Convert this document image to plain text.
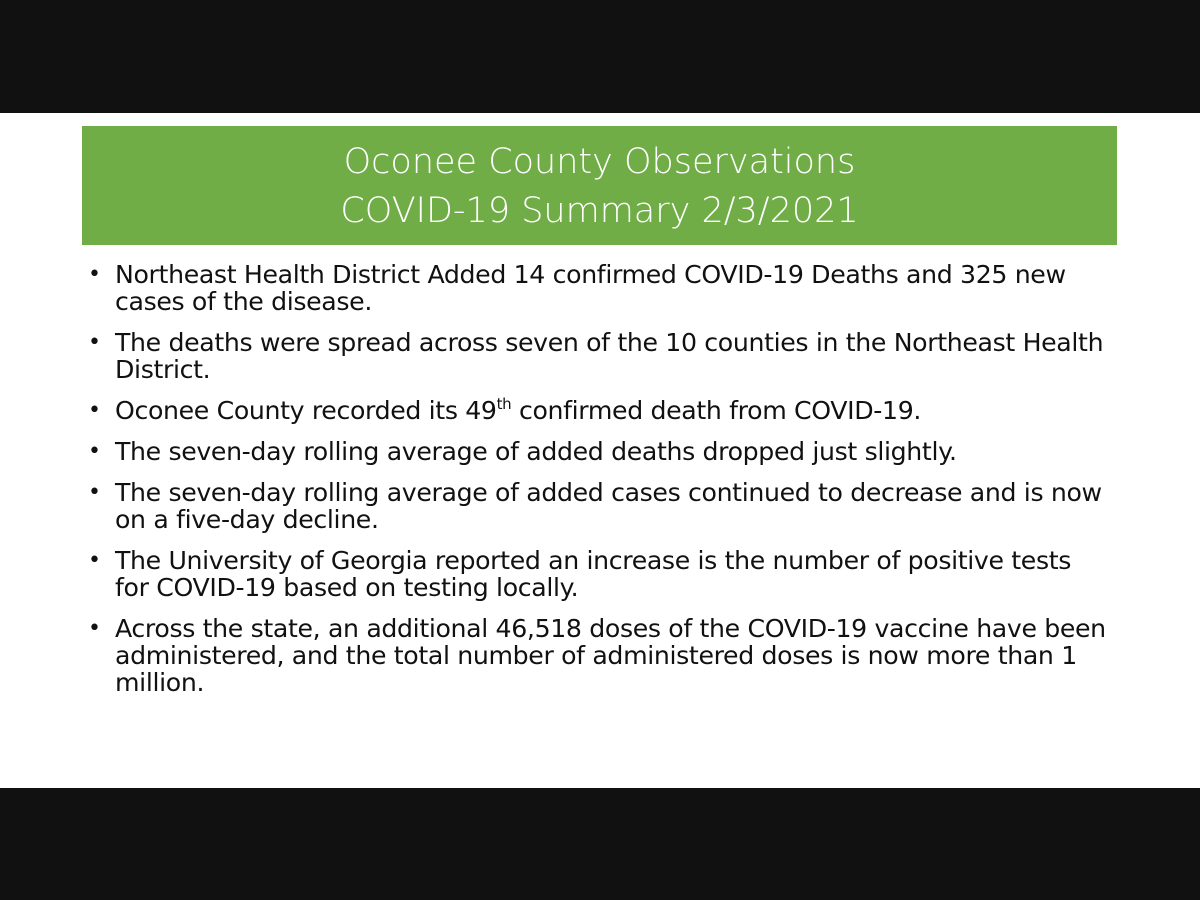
Oconee County Observations
COVID-19 Summary 2/3/2021
• Northeast Health District Added 14 confirmed COVID-19 Deaths and 325 new cases of the disease.
• The deaths were spread across seven of the 10 counties in the Northeast Health District.
• Oconee County recorded its 49th confirmed death from COVID-19.
• The seven-day rolling average of added deaths dropped just slightly.
• The seven-day rolling average of added cases continued to decrease and is now on a five-day decline.
• The University of Georgia reported an increase is the number of positive tests for COVID-19 based on testing locally.
• Across the state, an additional 46,518 doses of the COVID-19 vaccine have been administered, and the total number of administered doses is now more than 1 million.
